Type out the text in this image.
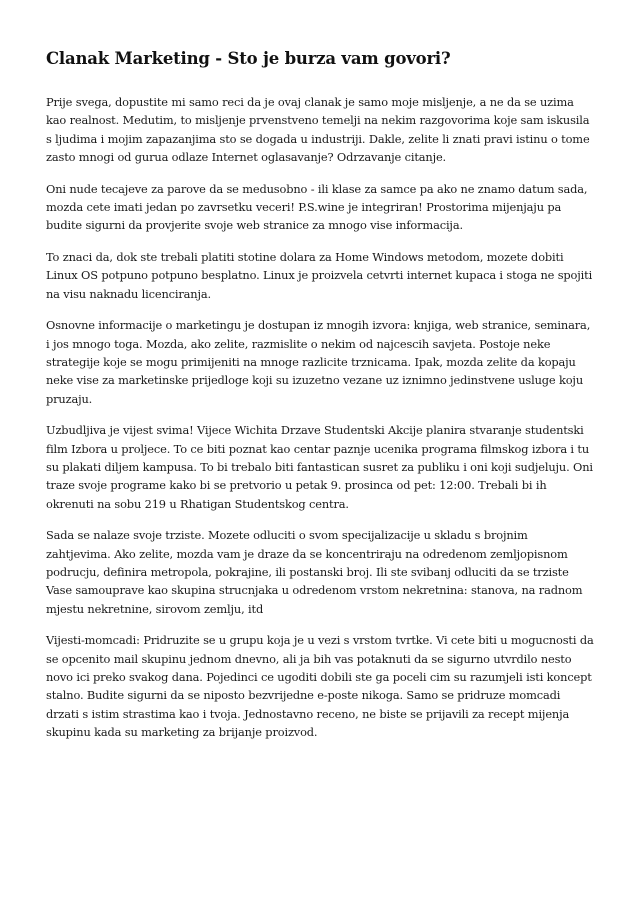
Clanak Marketing - Sto je burza vam govori?

Prije svega, dopustite mi samo reci da je ovaj clanak je samo moje misljenje, a ne da se uzima kao realnost. Medutim, to misljenje prvenstveno temelji na nekim razgovorima koje sam iskusila s ljudima i mojim zapazanjima sto se dogada u industriji. Dakle, zelite li znati pravi istinu o tome zasto mnogi od gurua odlaze Internet oglasavanje? Odrzavanje citanje.

Oni nude tecajeve za parove da se medusobno - ili klase za samce pa ako ne znamo datum sada, mozda cete imati jedan po zavrsetku veceri! P.S.wine je integriran! Prostorima mijenjaju pa budite sigurni da provjerite svoje web stranice za mnogo vise informacija.

To znaci da, dok ste trebali platiti stotine dolara za Home Windows metodom, mozete dobiti Linux OS potpuno potpuno besplatno. Linux je proizvela cetvrti internet kupaca i stoga ne spojiti na visu naknadu licenciranja.

Osnovne informacije o marketingu je dostupan iz mnogih izvora: knjiga, web stranice, seminara, i jos mnogo toga. Mozda, ako zelite, razmislite o nekim od najcescih savjeta. Postoje neke strategije koje se mogu primijeniti na mnoge razlicite trznicama. Ipak, mozda zelite da kopaju neke vise za marketinske prijedloge koji su izuzetno vezane uz iznimno jedinstvene usluge koju pruzaju.

Uzbudljiva je vijest svima! Vijece Wichita Drzave Studentski Akcije planira stvaranje studentski film Izbora u proljece. To ce biti poznat kao centar paznje ucenika programa filmskog izbora i tu su plakati diljem kampusa. To bi trebalo biti fantastican susret za publiku i oni koji sudjeluju. Oni traze svoje programe kako bi se pretvorio u petak 9. prosinca od pet: 12:00. Trebali bi ih okrenuti na sobu 219 u Rhatigan Studentskog centra.

Sada se nalaze svoje trziste. Mozete odluciti o svom specijalizacije u skladu s brojnim zahtjevima. Ako zelite, mozda vam je draze da se koncentriraju na odredenom zemljopisnom podrucju, definira metropola, pokrajine, ili postanski broj. Ili ste svibanj odluciti da se trziste Vase samouprave kao skupina strucnjaka u odredenom vrstom nekretnina: stanova, na radnom mjestu nekretnine, sirovom zemlju, itd

Vijesti-momcadi: Pridruzite se u grupu koja je u vezi s vrstom tvrtke. Vi cete biti u mogucnosti da se opcenito mail skupinu jednom dnevno, ali ja bih vas potaknuti da se sigurno utvrdilo nesto novo ici preko svakog dana. Pojedinci ce ugoditi dobili ste ga poceli cim su razumjeli isti koncept stalno. Budite sigurni da se niposto bezvrijedne e-poste nikoga. Samo se pridruze momcadi drzati s istim strastima kao i tvoja. Jednostavno receno, ne biste se prijavili za recept mijenja skupinu kada su marketing za brijanje proizvod.
